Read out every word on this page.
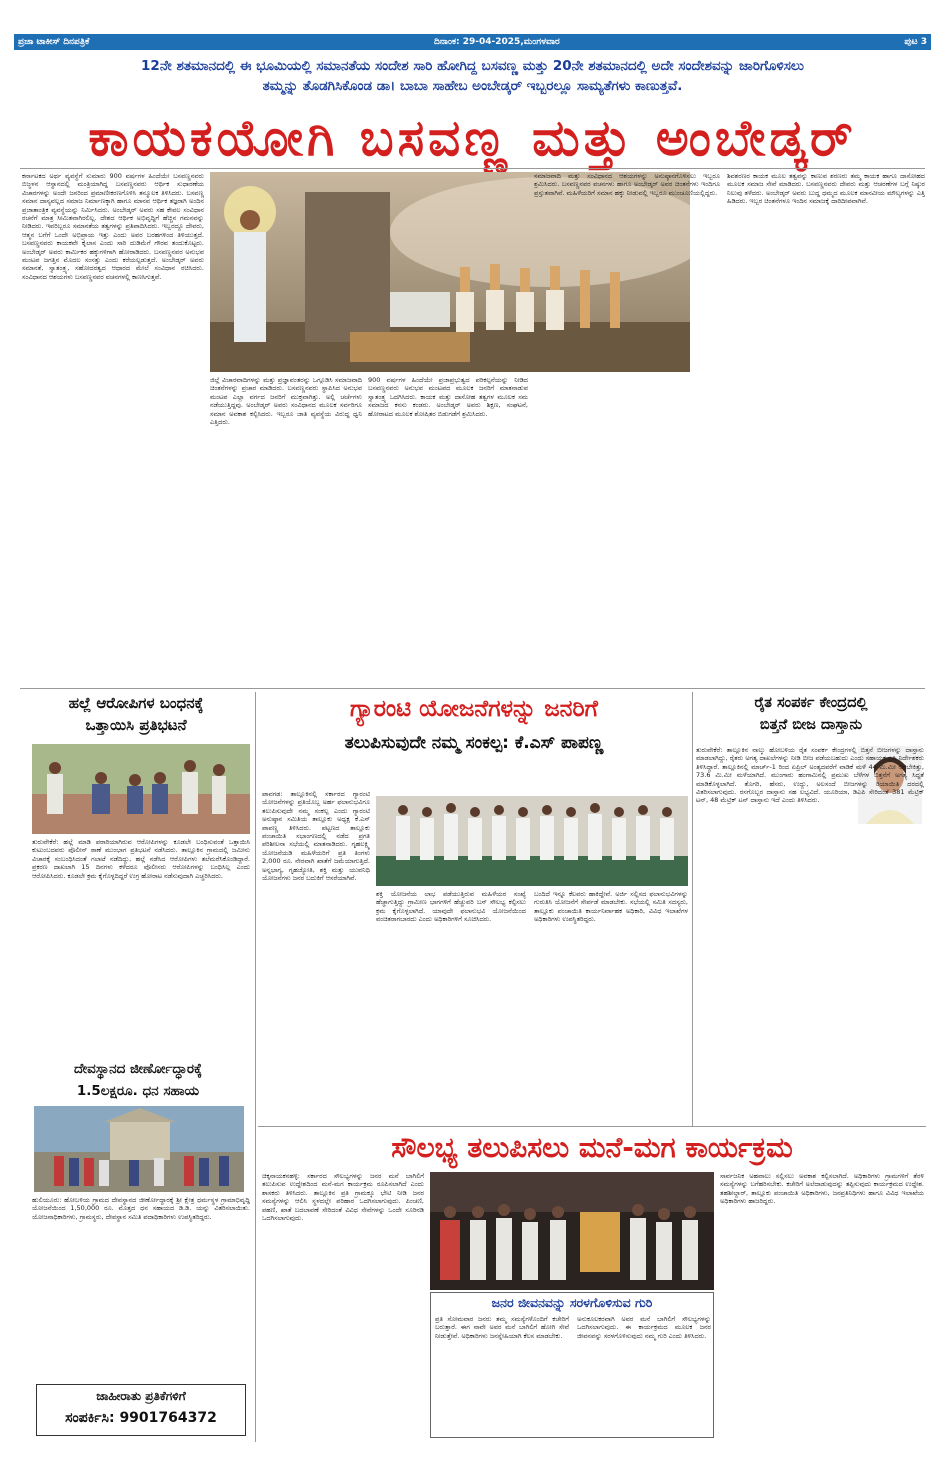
ಪ್ರಜಾ ಟಾಕೀಸ್ ದಿನಪತ್ರಿಕೆ	ದಿನಾಂಕ: 29-04-2025,ಮಂಗಳವಾರ	ಪುಟ 3
12ನೇ ಶತಮಾನದಲ್ಲಿ ಈ ಭೂಮಿಯಲ್ಲಿ ಸಮಾನತೆಯ ಸಂದೇಶ ಸಾರಿ ಹೋಗಿದ್ದ ಬಸವಣ್ಣ ಮತ್ತು 20ನೇ ಶತಮಾನದಲ್ಲಿ ಅದೇ ಸಂದೇಶವನ್ನು ಜಾರಿಗೊಳಿಸಲು
ತಮ್ಮನ್ನು ತೊಡಗಿಸಿಕೊಂಡ ಡಾ। ಬಾಬಾ ಸಾಹೇಬ ಅಂಬೇಡ್ಕರ್ ಇಬ್ಬರಲ್ಲೂ ಸಾಮ್ಯತೆಗಳು ಕಾಣುತ್ತವೆ.
ಕಾಯಕಯೋಗಿ ಬಸವಣ್ಣ ಮತ್ತು ಅಂಬೇಡ್ಕರ್
ಕರ್ನಾಟಕದ ಅರ್ಥ ವ್ಯವಸ್ಥೆಗೆ ಸುಮಾರು 900 ವರ್ಷಗಳ ಹಿಂದೆಯೇ ಬಸವಣ್ಣನವರು ಬಿಜ್ಜಳನ ಆಸ್ಥಾನದಲ್ಲಿ ಮಂತ್ರಿಯಾಗಿದ್ದ ಬಸವಣ್ಣನವರು ಆರ್ಥಿಕ ಸುಧಾರಣೆಯ ವಿಚಾರಗಳನ್ನು ಅಂದೇ ಜನರಿಂದ ಪ್ರಮಾಣೀಕರಣಗೊಳಿಸಿ ತನ್ಮೂಲಕ ತಿಳಿಸಿದರು. ಬಸವಣ್ಣ ಸಮಾನ ದಾಸ್ಯವಲ್ಲದ ಸಮಾಜ ನಿರ್ಮಾಣಕ್ಕಾಗಿ ಹಾಗೂ ಮಾನವ ಆರ್ಥಿಕ ತಜ್ಞರಾಗಿ ಅಂದಿನ ಪ್ರಜಾತಾಂತ್ರಿಕ ವ್ಯವಸ್ಥೆಯನ್ನು ನಿರ್ಮಿಸಿದರು. ಅಂಬೇಡ್ಕರ್ ಅವರು ಸಹ ಕೇವಲ ಸಂವಿಧಾನ ರಚನೆಗೆ ಮಾತ್ರ ಸೀಮಿತವಾಗಿರಲಿಲ್ಲ. ದೇಶದ ಆರ್ಥಿಕ ಅಭಿವೃದ್ಧಿಗೆ ಹೆಚ್ಚಿನ ಗಮನವನ್ನು ನೀಡಿದರು. ಇವರಿಬ್ಬರೂ ಸಮಾನತೆಯ ತತ್ವಗಳನ್ನು ಪ್ರತಿಪಾದಿಸಿದರು. ಇಬ್ಬರದ್ದೂ ದೇವರು, ಆತ್ಮನ ಬಗೆಗೆ ಒಂದೇ ಅಭಿಪ್ರಾಯ ಇತ್ತು ಎಂದು ಅವರ ಬರಹಗಳಿಂದ ತಿಳಿಯುತ್ತದೆ. ಬಸವಣ್ಣನವರು ಕಾಯಕವೇ ಕೈಲಾಸ ಎಂದು ಸಾರಿ ದುಡಿಮೆಗೆ ಗೌರವ ತಂದುಕೊಟ್ಟರು. ಅಂಬೇಡ್ಕರ್ ಅವರು ಕಾರ್ಮಿಕರ ಹಕ್ಕುಗಳಿಗಾಗಿ ಹೋರಾಡಿದರು. ಬಸವಣ್ಣನವರ ಅನುಭವ ಮಂಟಪ ಜಗತ್ತಿನ ಮೊದಲ ಸಂಸತ್ತು ಎಂದು ಕರೆಯಲ್ಪಡುತ್ತದೆ. ಅಂಬೇಡ್ಕರ್ ಅವರು ಸಮಾನತೆ, ಸ್ವಾತಂತ್ರ್ಯ, ಸಹೋದರತ್ವದ ಆಧಾರದ ಮೇಲೆ ಸಂವಿಧಾನ ರಚಿಸಿದರು. ಸಂವಿಧಾನದ ಆಶಯಗಳು ಬಸವಣ್ಣನವರ ವಚನಗಳಲ್ಲಿ ಕಾಣಸಿಗುತ್ತವೆ.
ಜಿಲ್ಲೆ ವಿಚಾರವಾದಿಗಳನ್ನು ಮತ್ತು ಪ್ರಜ್ಞಾವಂತರನ್ನು ಒಗ್ಗೂಡಿಸಿ ಸಮಾಜವಾದಿ ಚಿಂತನೆಗಳನ್ನು ಪ್ರಚಾರ ಮಾಡಿದರು. ಬಸವಣ್ಣನವರು ಸ್ಥಾಪಿಸಿದ ಅನುಭವ ಮಂಟಪ ಎಲ್ಲಾ ವರ್ಗದ ಜನರಿಗೆ ಮುಕ್ತವಾಗಿತ್ತು. ಅಲ್ಲಿ ಚರ್ಚೆಗಳು ನಡೆಯುತ್ತಿದ್ದವು. ಅಂಬೇಡ್ಕರ್ ಅವರು ಸಂವಿಧಾನದ ಮೂಲಕ ಸರ್ವರಿಗೂ ಸಮಾನ ಅವಕಾಶ ಕಲ್ಪಿಸಿದರು. ಇಬ್ಬರೂ ಜಾತಿ ವ್ಯವಸ್ಥೆಯ ವಿರುದ್ಧ ಧ್ವನಿ ಎತ್ತಿದರು.
900 ವರ್ಷಗಳ ಹಿಂದೆಯೇ ಪ್ರಜಾಪ್ರಭುತ್ವದ ಪರಿಕಲ್ಪನೆಯನ್ನು ನೀಡಿದ ಬಸವಣ್ಣನವರು ಅನುಭವ ಮಂಟಪದ ಮೂಲಕ ಜನರಿಗೆ ಮಾತನಾಡುವ ಸ್ವಾತಂತ್ರ್ಯ ಒದಗಿಸಿದರು. ಕಾಯಕ ಮತ್ತು ದಾಸೋಹ ತತ್ವಗಳ ಮೂಲಕ ಸಮ ಸಮಾಜದ ಕನಸು ಕಂಡರು. ಅಂಬೇಡ್ಕರ್ ಅವರು ಶಿಕ್ಷಣ, ಸಂಘಟನೆ, ಹೋರಾಟದ ಮೂಲಕ ಶೋಷಿತರ ಬಿಡುಗಡೆಗೆ ಶ್ರಮಿಸಿದರು.
ಸಮಾಜವಾದಿ ಮತ್ತು ಸಂವಿಧಾನದ ಆಶಯಗಳನ್ನು ಅನುಷ್ಠಾನಗೊಳಿಸಲು ಇಬ್ಬರೂ ಶ್ರಮಿಸಿದರು. ಬಸವಣ್ಣನವರ ವಚನಗಳು ಹಾಗೂ ಅಂಬೇಡ್ಕರ್ ಅವರ ಚಿಂತನೆಗಳು ಇಂದಿಗೂ ಪ್ರಸ್ತುತವಾಗಿವೆ. ಮಹಿಳೆಯರಿಗೆ ಸಮಾನ ಹಕ್ಕು ನೀಡುವಲ್ಲಿ ಇಬ್ಬರೂ ಮುಂಚೂಣಿಯಲ್ಲಿದ್ದರು.
ಶಿವಶರಣರ ಕಾಯಕ ಮೂಲ ತತ್ವವನ್ನು ಕಾಣುವ ಶರಣರು ತಮ್ಮ ಕಾಯಕ ಹಾಗೂ ದಾಸೋಹದ ಮೂಲಕ ಸಮಾಜ ಸೇವೆ ಮಾಡಿದರು. ಬಸವಣ್ಣನವರು ದೇವರು ಮತ್ತು ಆಚರಣೆಗಳ ಬಗ್ಗೆ ನಿಷ್ಠುರ ನಿಲುವು ತಳೆದರು. ಅಂಬೇಡ್ಕರ್ ಅವರು ಬುದ್ಧ ಧಮ್ಮದ ಮೂಲಕ ಮಾನವೀಯ ಮೌಲ್ಯಗಳನ್ನು ಎತ್ತಿ ಹಿಡಿದರು. ಇಬ್ಬರ ಚಿಂತನೆಗಳೂ ಇಂದಿನ ಸಮಾಜಕ್ಕೆ ದಾರಿದೀಪವಾಗಿವೆ.
ಹಲ್ಲೆ ಆರೋಪಿಗಳ ಬಂಧನಕ್ಕೆ
ಒತ್ತಾಯಿಸಿ ಪ್ರತಿಭಟನೆ
ತುರುವೇಕೆರೆ: ಹಲ್ಲೆ ಮಾಡಿ ಪರಾರಿಯಾಗಿರುವ ಆರೋಪಿಗಳನ್ನು ಕೂಡಲೇ ಬಂಧಿಸುವಂತೆ ಒತ್ತಾಯಿಸಿ ಕುಟುಂಬದವರು ಪೊಲೀಸ್ ಠಾಣೆ ಮುಂಭಾಗ ಪ್ರತಿಭಟನೆ ನಡೆಸಿದರು. ತಾಲ್ಲೂಕಿನ ಗ್ರಾಮದಲ್ಲಿ ಜಮೀನು ವಿಚಾರಕ್ಕೆ ಸಂಬಂಧಿಸಿದಂತೆ ಗಲಾಟೆ ನಡೆದಿದ್ದು, ಹಲ್ಲೆ ನಡೆಸಿದ ಆರೋಪಿಗಳು ತಲೆಮರೆಸಿಕೊಂಡಿದ್ದಾರೆ. ಪ್ರಕರಣ ದಾಖಲಾಗಿ 15 ದಿನಗಳು ಕಳೆದರೂ ಪೊಲೀಸರು ಆರೋಪಿಗಳನ್ನು ಬಂಧಿಸಿಲ್ಲ ಎಂದು ಆರೋಪಿಸಿದರು. ಕೂಡಲೇ ಕ್ರಮ ಕೈಗೊಳ್ಳದಿದ್ದರೆ ಉಗ್ರ ಹೋರಾಟ ನಡೆಸುವುದಾಗಿ ಎಚ್ಚರಿಸಿದರು.
ದೇವಸ್ಥಾನದ ಜೀರ್ಣೋದ್ಧಾರಕ್ಕೆ
1.5ಲಕ್ಷರೂ. ಧನ ಸಹಾಯ
ಹುಲಿಯೂರು: ಹೋಬಳಿಯ ಗ್ರಾಮದ ದೇವಸ್ಥಾನದ ಜೀರ್ಣೋದ್ಧಾರಕ್ಕೆ ಶ್ರೀ ಕ್ಷೇತ್ರ ಧರ್ಮಸ್ಥಳ ಗ್ರಾಮಾಭಿವೃದ್ಧಿ ಯೋಜನೆಯಿಂದ 1,50,000 ರೂ. ಮೊತ್ತದ ಧನ ಸಹಾಯದ ಡಿ.ಡಿ. ಯನ್ನು ವಿತರಿಸಲಾಯಿತು. ಯೋಜನಾಧಿಕಾರಿಗಳು, ಗ್ರಾಮಸ್ಥರು, ದೇವಸ್ಥಾನ ಸಮಿತಿ ಪದಾಧಿಕಾರಿಗಳು ಉಪಸ್ಥಿತರಿದ್ದರು.
ಜಾಹೀರಾತು ಪ್ರತಿಕೆಗಳಿಗೆ
ಸಂಪರ್ಕಿಸಿ: 9901764372
ಗ್ಯಾರಂಟಿ ಯೋಜನೆಗಳನ್ನು ಜನರಿಗೆ
ತಲುಪಿಸುವುದೇ ನಮ್ಮ ಸಂಕಲ್ಪ: ಕೆ.ಎಸ್ ಪಾಪಣ್ಣ
ಪಾವಗಡ: ತಾಲ್ಲೂಕಿನಲ್ಲಿ ಸರ್ಕಾರದ ಗ್ಯಾರಂಟಿ ಯೋಜನೆಗಳನ್ನು ಪ್ರತಿಯೊಬ್ಬ ಅರ್ಹ ಫಲಾನುಭವಿಗೂ ತಲುಪಿಸುವುದೇ ನಮ್ಮ ಸಂಕಲ್ಪ ಎಂದು ಗ್ಯಾರಂಟಿ ಅನುಷ್ಠಾನ ಸಮಿತಿಯ ತಾಲ್ಲೂಕು ಅಧ್ಯಕ್ಷ ಕೆ.ಎಸ್ ಪಾಪಣ್ಣ ತಿಳಿಸಿದರು. ಪಟ್ಟಣದ ತಾಲ್ಲೂಕು ಪಂಚಾಯಿತಿ ಸಭಾಂಗಣದಲ್ಲಿ ನಡೆದ ಪ್ರಗತಿ ಪರಿಶೀಲನಾ ಸಭೆಯಲ್ಲಿ ಮಾತನಾಡಿದರು. ಗೃಹಲಕ್ಷ್ಮಿ ಯೋಜನೆಯಡಿ ಮಹಿಳೆಯರಿಗೆ ಪ್ರತಿ ತಿಂಗಳು 2,000 ರೂ. ನೇರವಾಗಿ ಖಾತೆಗೆ ಜಮೆಯಾಗುತ್ತಿದೆ. ಅನ್ನಭಾಗ್ಯ, ಗೃಹಜ್ಯೋತಿ, ಶಕ್ತಿ ಮತ್ತು ಯುವನಿಧಿ ಯೋಜನೆಗಳು ಜನರ ಬದುಕಿಗೆ ಆಸರೆಯಾಗಿವೆ.
ಶಕ್ತಿ ಯೋಜನೆಯ ಲಾಭ ಪಡೆಯುತ್ತಿರುವ ಮಹಿಳೆಯರ ಸಂಖ್ಯೆ ಹೆಚ್ಚಾಗುತ್ತಿದ್ದು ಗ್ರಾಮೀಣ ಭಾಗಗಳಿಗೆ ಹೆಚ್ಚುವರಿ ಬಸ್ ಸೌಲಭ್ಯ ಕಲ್ಪಿಸಲು ಕ್ರಮ ಕೈಗೊಳ್ಳಲಾಗಿದೆ. ಯಾವುದೇ ಫಲಾನುಭವಿ ಯೋಜನೆಯಿಂದ ವಂಚಿತರಾಗಬಾರದು ಎಂದು ಅಧಿಕಾರಿಗಳಿಗೆ ಸೂಚಿಸಿದರು.
ಬಂದಿದೆ ಇನ್ನೂ ಕೆಲವರು ಹಾಕಿದ್ದೇವೆ. ಅರ್ಜಿ ಸಲ್ಲಿಸದ ಫಲಾನುಭವಿಗಳನ್ನು ಗುರುತಿಸಿ ಯೋಜನೆಗೆ ಸೇರ್ಪಡೆ ಮಾಡಬೇಕು. ಸಭೆಯಲ್ಲಿ ಸಮಿತಿ ಸದಸ್ಯರು, ತಾಲ್ಲೂಕು ಪಂಚಾಯಿತಿ ಕಾರ್ಯನಿರ್ವಾಹಕ ಅಧಿಕಾರಿ, ವಿವಿಧ ಇಲಾಖೆಗಳ ಅಧಿಕಾರಿಗಳು ಉಪಸ್ಥಿತರಿದ್ದರು.
ರೈತ ಸಂಪರ್ಕ ಕೇಂದ್ರದಲ್ಲಿ
ಬಿತ್ತನೆ ಬೀಜ ದಾಸ್ತಾನು
ತುರುವೇಕೆರೆ: ತಾಲ್ಲೂಕಿನ ನಾಲ್ಕು ಹೋಬಳಿಯ ರೈತ ಸಂಪರ್ಕ ಕೇಂದ್ರಗಳಲ್ಲಿ ಬಿತ್ತನೆ ಬೀಜಗಳನ್ನು ದಾಸ್ತಾನು ಮಾಡಲಾಗಿದ್ದು, ರೈತರು ಅಗತ್ಯ ದಾಖಲೆಗಳನ್ನು ನೀಡಿ ಬೀಜ ಪಡೆಯಬಹುದು ಎಂದು ಸಹಾಯಕ ಕೃಷಿ ನಿರ್ದೇಶಕರು ತಿಳಿಸಿದ್ದಾರೆ. ತಾಲ್ಲೂಕಿನಲ್ಲಿ ಮಾರ್ಚ್-1 ರಿಂದ ಏಪ್ರಿಲ್ ಅಂತ್ಯದವರೆಗೆ ವಾಡಿಕೆ ಮಳೆ 44 ಮಿ.ಮೀ ಆಗಬೇಕಿತ್ತು, 73.6 ಮಿ.ಮೀ ಮಳೆಯಾಗಿದೆ. ಮುಂಗಾರು ಹಂಗಾಮಿನಲ್ಲಿ ಪ್ರಮುಖ ಬೆಳೆಗಳ ಬಿತ್ತನೆಗೆ ಅಗತ್ಯ ಸಿದ್ಧತೆ ಮಾಡಿಕೊಳ್ಳಲಾಗಿದೆ. ತೊಗರಿ, ಹೆಸರು, ಉದ್ದು, ಅಲಸಂದೆ ಬೀಜಗಳನ್ನು ರಿಯಾಯಿತಿ ದರದಲ್ಲಿ ವಿತರಿಸಲಾಗುವುದು. ರಸಗೊಬ್ಬರ ದಾಸ್ತಾನು ಸಹ ಲಭ್ಯವಿದೆ. ಯೂರಿಯಾ, ಡಿಎಪಿ ಸೇರಿದಂತೆ 381 ಮೆಟ್ರಿಕ್ ಟನ್, 48 ಮೆಟ್ರಿಕ್ ಟನ್ ದಾಸ್ತಾನು ಇದೆ ಎಂದು ತಿಳಿಸಿದರು.
ಸೌಲಭ್ಯ ತಲುಪಿಸಲು ಮನೆ-ಮಗ ಕಾರ್ಯಕ್ರಮ
ಚಿಕ್ಕನಾಯಕನಹಳ್ಳಿ: ಸರ್ಕಾರದ ಸೌಲಭ್ಯಗಳನ್ನು ಜನರ ಮನೆ ಬಾಗಿಲಿಗೆ ತಲುಪಿಸುವ ಉದ್ದೇಶದಿಂದ ಮನೆ-ಮಗ ಕಾರ್ಯಕ್ರಮ ರೂಪಿಸಲಾಗಿದೆ ಎಂದು ಶಾಸಕರು ತಿಳಿಸಿದರು. ತಾಲ್ಲೂಕಿನ ಪ್ರತಿ ಗ್ರಾಮಕ್ಕೂ ಭೇಟಿ ನೀಡಿ ಜನರ ಸಮಸ್ಯೆಗಳನ್ನು ಆಲಿಸಿ ಸ್ಥಳದಲ್ಲೇ ಪರಿಹಾರ ಒದಗಿಸಲಾಗುವುದು. ಪಿಂಚಣಿ, ಪಹಣಿ, ಖಾತೆ ಬದಲಾವಣೆ ಸೇರಿದಂತೆ ವಿವಿಧ ಸೇವೆಗಳನ್ನು ಒಂದೇ ಸೂರಿನಡಿ ಒದಗಿಸಲಾಗುವುದು.
ಜನರ ಜೀವನವನ್ನು ಸರಳಗೊಳಿಸುವ ಗುರಿ
ಪ್ರತಿ ಸೋಮವಾರ ಜನರು ತಮ್ಮ ಸಮಸ್ಯೆಗಳೊಂದಿಗೆ ಕಚೇರಿಗೆ ಬರುತ್ತಾರೆ. ಈಗ ನಾವೇ ಅವರ ಮನೆ ಬಾಗಿಲಿಗೆ ಹೋಗಿ ಸೇವೆ ನೀಡುತ್ತೇವೆ. ಅಧಿಕಾರಿಗಳು ಜನಸ್ನೇಹಿಯಾಗಿ ಕೆಲಸ ಮಾಡಬೇಕು.
ಅನುಕೂಲಕರವಾಗಿ ಅವರ ಮನೆ ಬಾಗಿಲಿಗೆ ಸೌಲಭ್ಯಗಳನ್ನು ಒದಗಿಸಲಾಗುವುದು. ಈ ಕಾರ್ಯಕ್ರಮದ ಮೂಲಕ ಜನರ ಜೀವನವನ್ನು ಸರಳಗೊಳಿಸುವುದು ನಮ್ಮ ಗುರಿ ಎಂದು ತಿಳಿಸಿದರು.
ಸಾರ್ವಜನಿಕ ಅಹವಾಲು ಸಲ್ಲಿಸಲು ಅವಕಾಶ ಕಲ್ಪಿಸಲಾಗಿದೆ. ಅಧಿಕಾರಿಗಳು ಗ್ರಾಮಗಳಿಗೆ ತೆರಳಿ ಸಮಸ್ಯೆಗಳನ್ನು ಬಗೆಹರಿಸಬೇಕು. ಕಚೇರಿಗೆ ಅಲೆದಾಡುವುದನ್ನು ತಪ್ಪಿಸುವುದು ಕಾರ್ಯಕ್ರಮದ ಉದ್ದೇಶ. ತಹಶೀಲ್ದಾರ್, ತಾಲ್ಲೂಕು ಪಂಚಾಯಿತಿ ಅಧಿಕಾರಿಗಳು, ಜನಪ್ರತಿನಿಧಿಗಳು ಹಾಗೂ ವಿವಿಧ ಇಲಾಖೆಯ ಅಧಿಕಾರಿಗಳು ಹಾಜರಿದ್ದರು.
